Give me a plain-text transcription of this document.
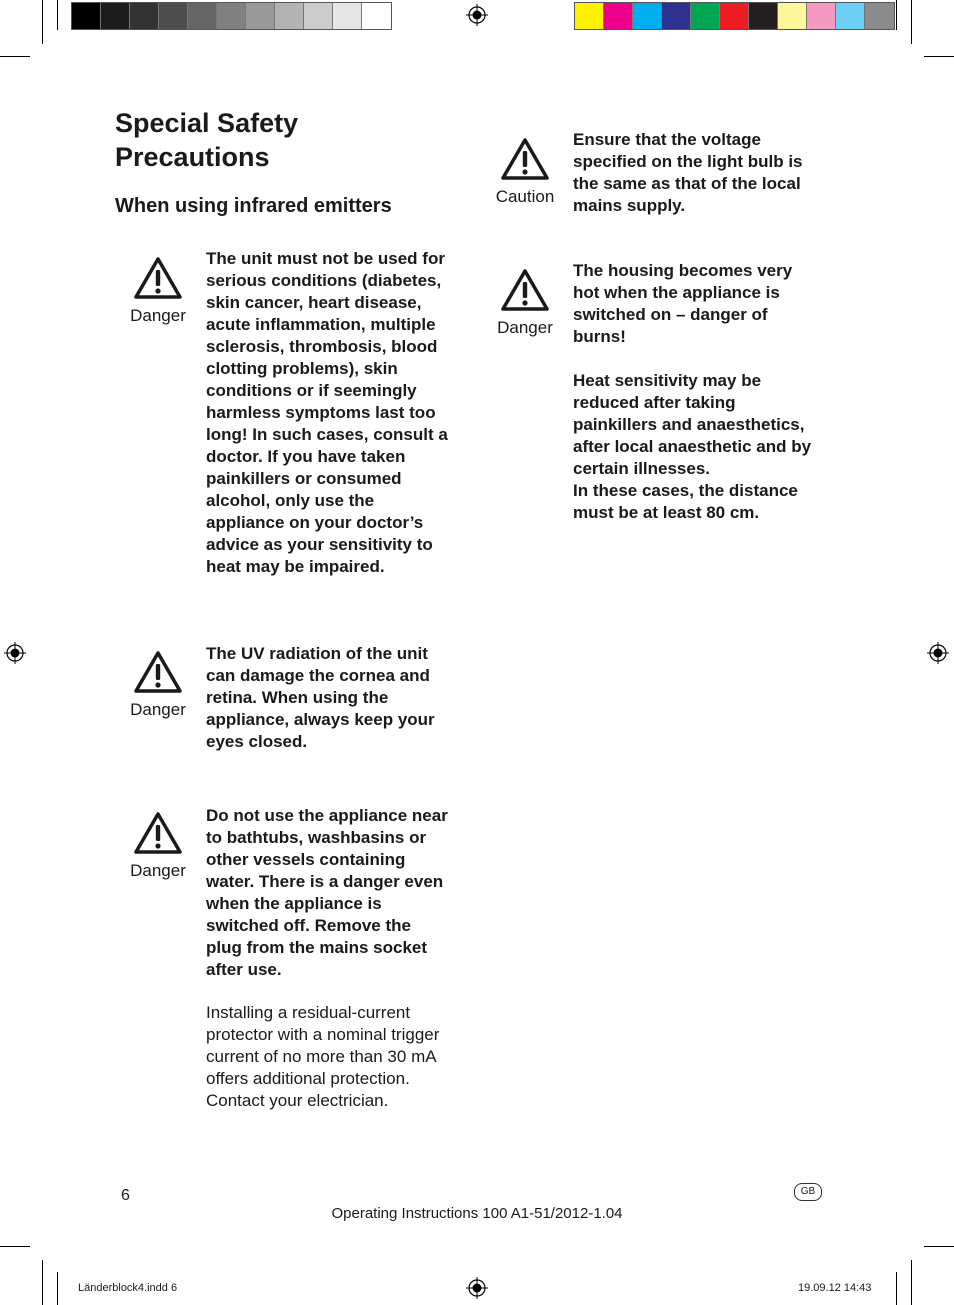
Special Safety Precautions
When using infrared emitters
Danger
The unit must not be used for serious conditions (diabetes, skin cancer, heart disease, acute inflammation, multiple sclerosis, thrombosis, blood clotting problems), skin conditions or if seemingly harmless symptoms last too long! In such cases, consult a doctor. If you have taken painkillers or consumed alcohol, only use the appliance on your doctor’s advice as your sensitivity to heat may be impaired.
Danger
The UV radiation of the unit can damage the cornea and retina. When using the appliance, always keep your eyes closed.
Danger
Do not use the appliance near to bathtubs, washbasins or other vessels containing water. There is a danger even when the appliance is switched off. Remove the plug from the mains socket after use.
Installing a residual-current protector with a nominal trigger current of no more than 30 mA offers additional protection. Contact your electrician.
Caution
Ensure that the voltage specified on the light bulb is the same as that of the local mains supply.
Danger
The housing becomes very hot when the appliance is switched on – danger of burns!
Heat sensitivity may be reduced after taking painkillers and anaesthetics, after local anaesthetic and by certain illnesses.
In these cases, the distance must be at least 80 cm.
6	GB
Operating Instructions 100 A1-51/2012-1.04
Länderblock4.indd 6	19.09.12 14:43
